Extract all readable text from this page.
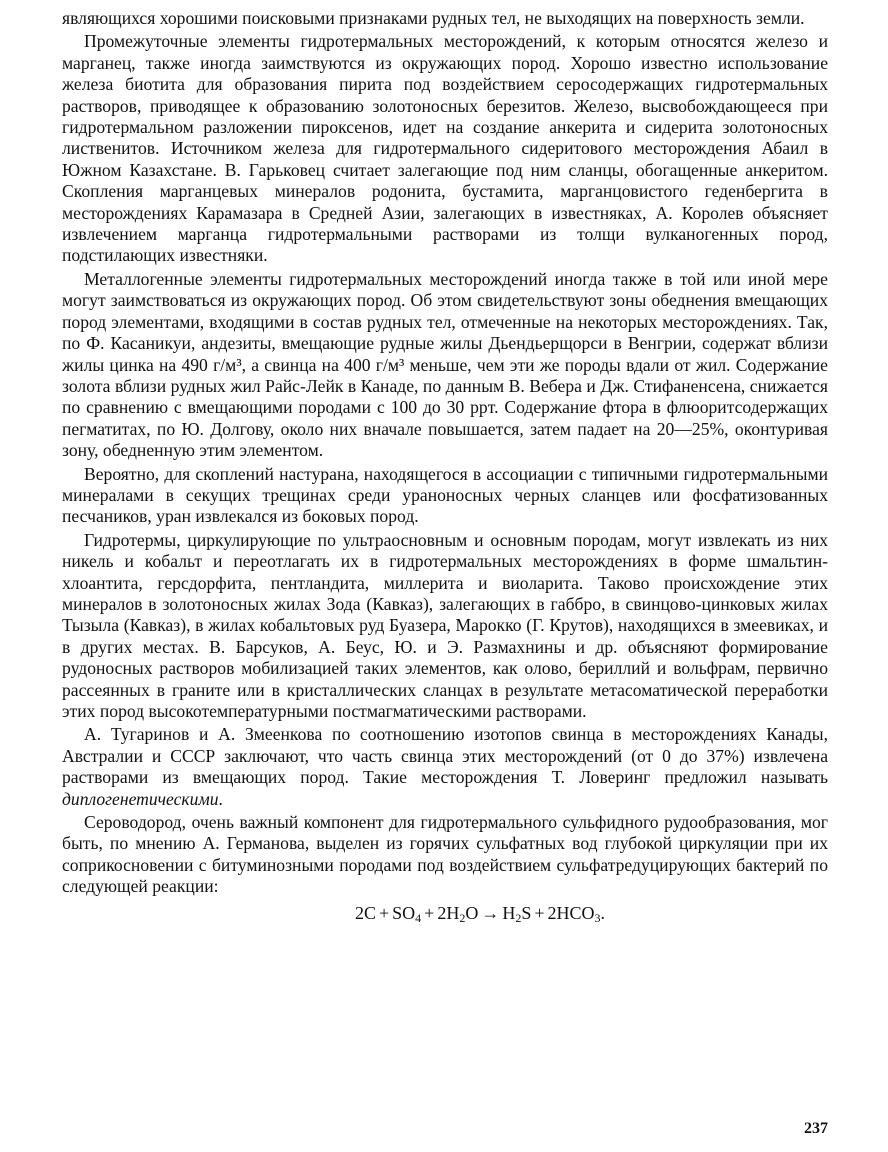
являющихся хорошими поисковыми признаками рудных тел, не выходящих на поверхность земли.

Промежуточные элементы гидротермальных месторождений, к которым относятся железо и марганец, также иногда заимствуются из окружающих пород. Хорошо известно использование железа биотита для образования пирита под воздействием серосодержащих гидротермальных растворов, приводящее к образованию золотоносных березитов. Железо, высвобождающееся при гидротермальном разложении пироксенов, идет на создание анкерита и сидерита золотоносных лиственитов. Источником железа для гидротермального сидеритового месторождения Абаил в Южном Казахстане. В. Гарьковец считает залегающие под ним сланцы, обогащенные анкеритом. Скопления марганцевых минералов родонита, бустамита, марганцовистого геденбергита в месторождениях Карамазара в Средней Азии, залегающих в известняках, А. Королев объясняет извлечением марганца гидротермальными растворами из толщи вулканогенных пород, подстилающих известняки.

Металлогенные элементы гидротермальных месторождений иногда также в той или иной мере могут заимствоваться из окружающих пород. Об этом свидетельствуют зоны обеднения вмещающих пород элементами, входящими в состав рудных тел, отмеченные на некоторых месторождениях. Так, по Ф. Касаникуи, андезиты, вмещающие рудные жилы Дьендьерщорси в Венгрии, содержат вблизи жилы цинка на 490 г/м³, а свинца на 400 г/м³ меньше, чем эти же породы вдали от жил. Содержание золота вблизи рудных жил Райс-Лейк в Канаде, по данным В. Вебера и Дж. Стифаненсена, снижается по сравнению с вмещающими породами с 100 до 30 ppт. Содержание фтора в флюоритсодержащих пегматитах, по Ю. Долгову, около них вначале повышается, затем падает на 20—25%, оконтуривая зону, обедненную этим элементом.

Вероятно, для скоплений настурана, находящегося в ассоциации с типичными гидротермальными минералами в секущих трещинах среди ураноносных черных сланцев или фосфатизованных песчаников, уран извлекался из боковых пород.

Гидротермы, циркулирующие по ультраосновным и основным породам, могут извлекать из них никель и кобальт и переотлагать их в гидротермальных месторождениях в форме шмальтин-хлоантита, герсдорфита, пентландита, миллерита и виоларита. Таково происхождение этих минералов в золотоносных жилах Зода (Кавказ), залегающих в габбро, в свинцово-цинковых жилах Тызыла (Кавказ), в жилах кобальтовых руд Буазера, Марокко (Г. Крутов), находящихся в змеевиках, и в других местах. В. Барсуков, А. Беус, Ю. и Э. Размахнины и др. объясняют формирование рудоносных растворов мобилизацией таких элементов, как олово, бериллий и вольфрам, первично рассеянных в граните или в кристаллических сланцах в результате метасоматической переработки этих пород высокотемпературными постмагматическими растворами.

А. Тугаринов и А. Змеенкова по соотношению изотопов свинца в месторождениях Канады, Австралии и СССР заключают, что часть свинца этих месторождений (от 0 до 37%) извлечена растворами из вмещающих пород. Такие месторождения Т. Ловеринг предложил называть диплогенетическими.

Сероводород, очень важный компонент для гидротермального сульфидного рудообразования, мог быть, по мнению А. Германова, выделен из горячих сульфатных вод глубокой циркуляции при их соприкосновении с битуминозными породами под воздействием сульфатредуцирующих бактерий по следующей реакции:

$2C + SO_4 + 2H_2O \to H_2S + 2HCO_3$.
237
